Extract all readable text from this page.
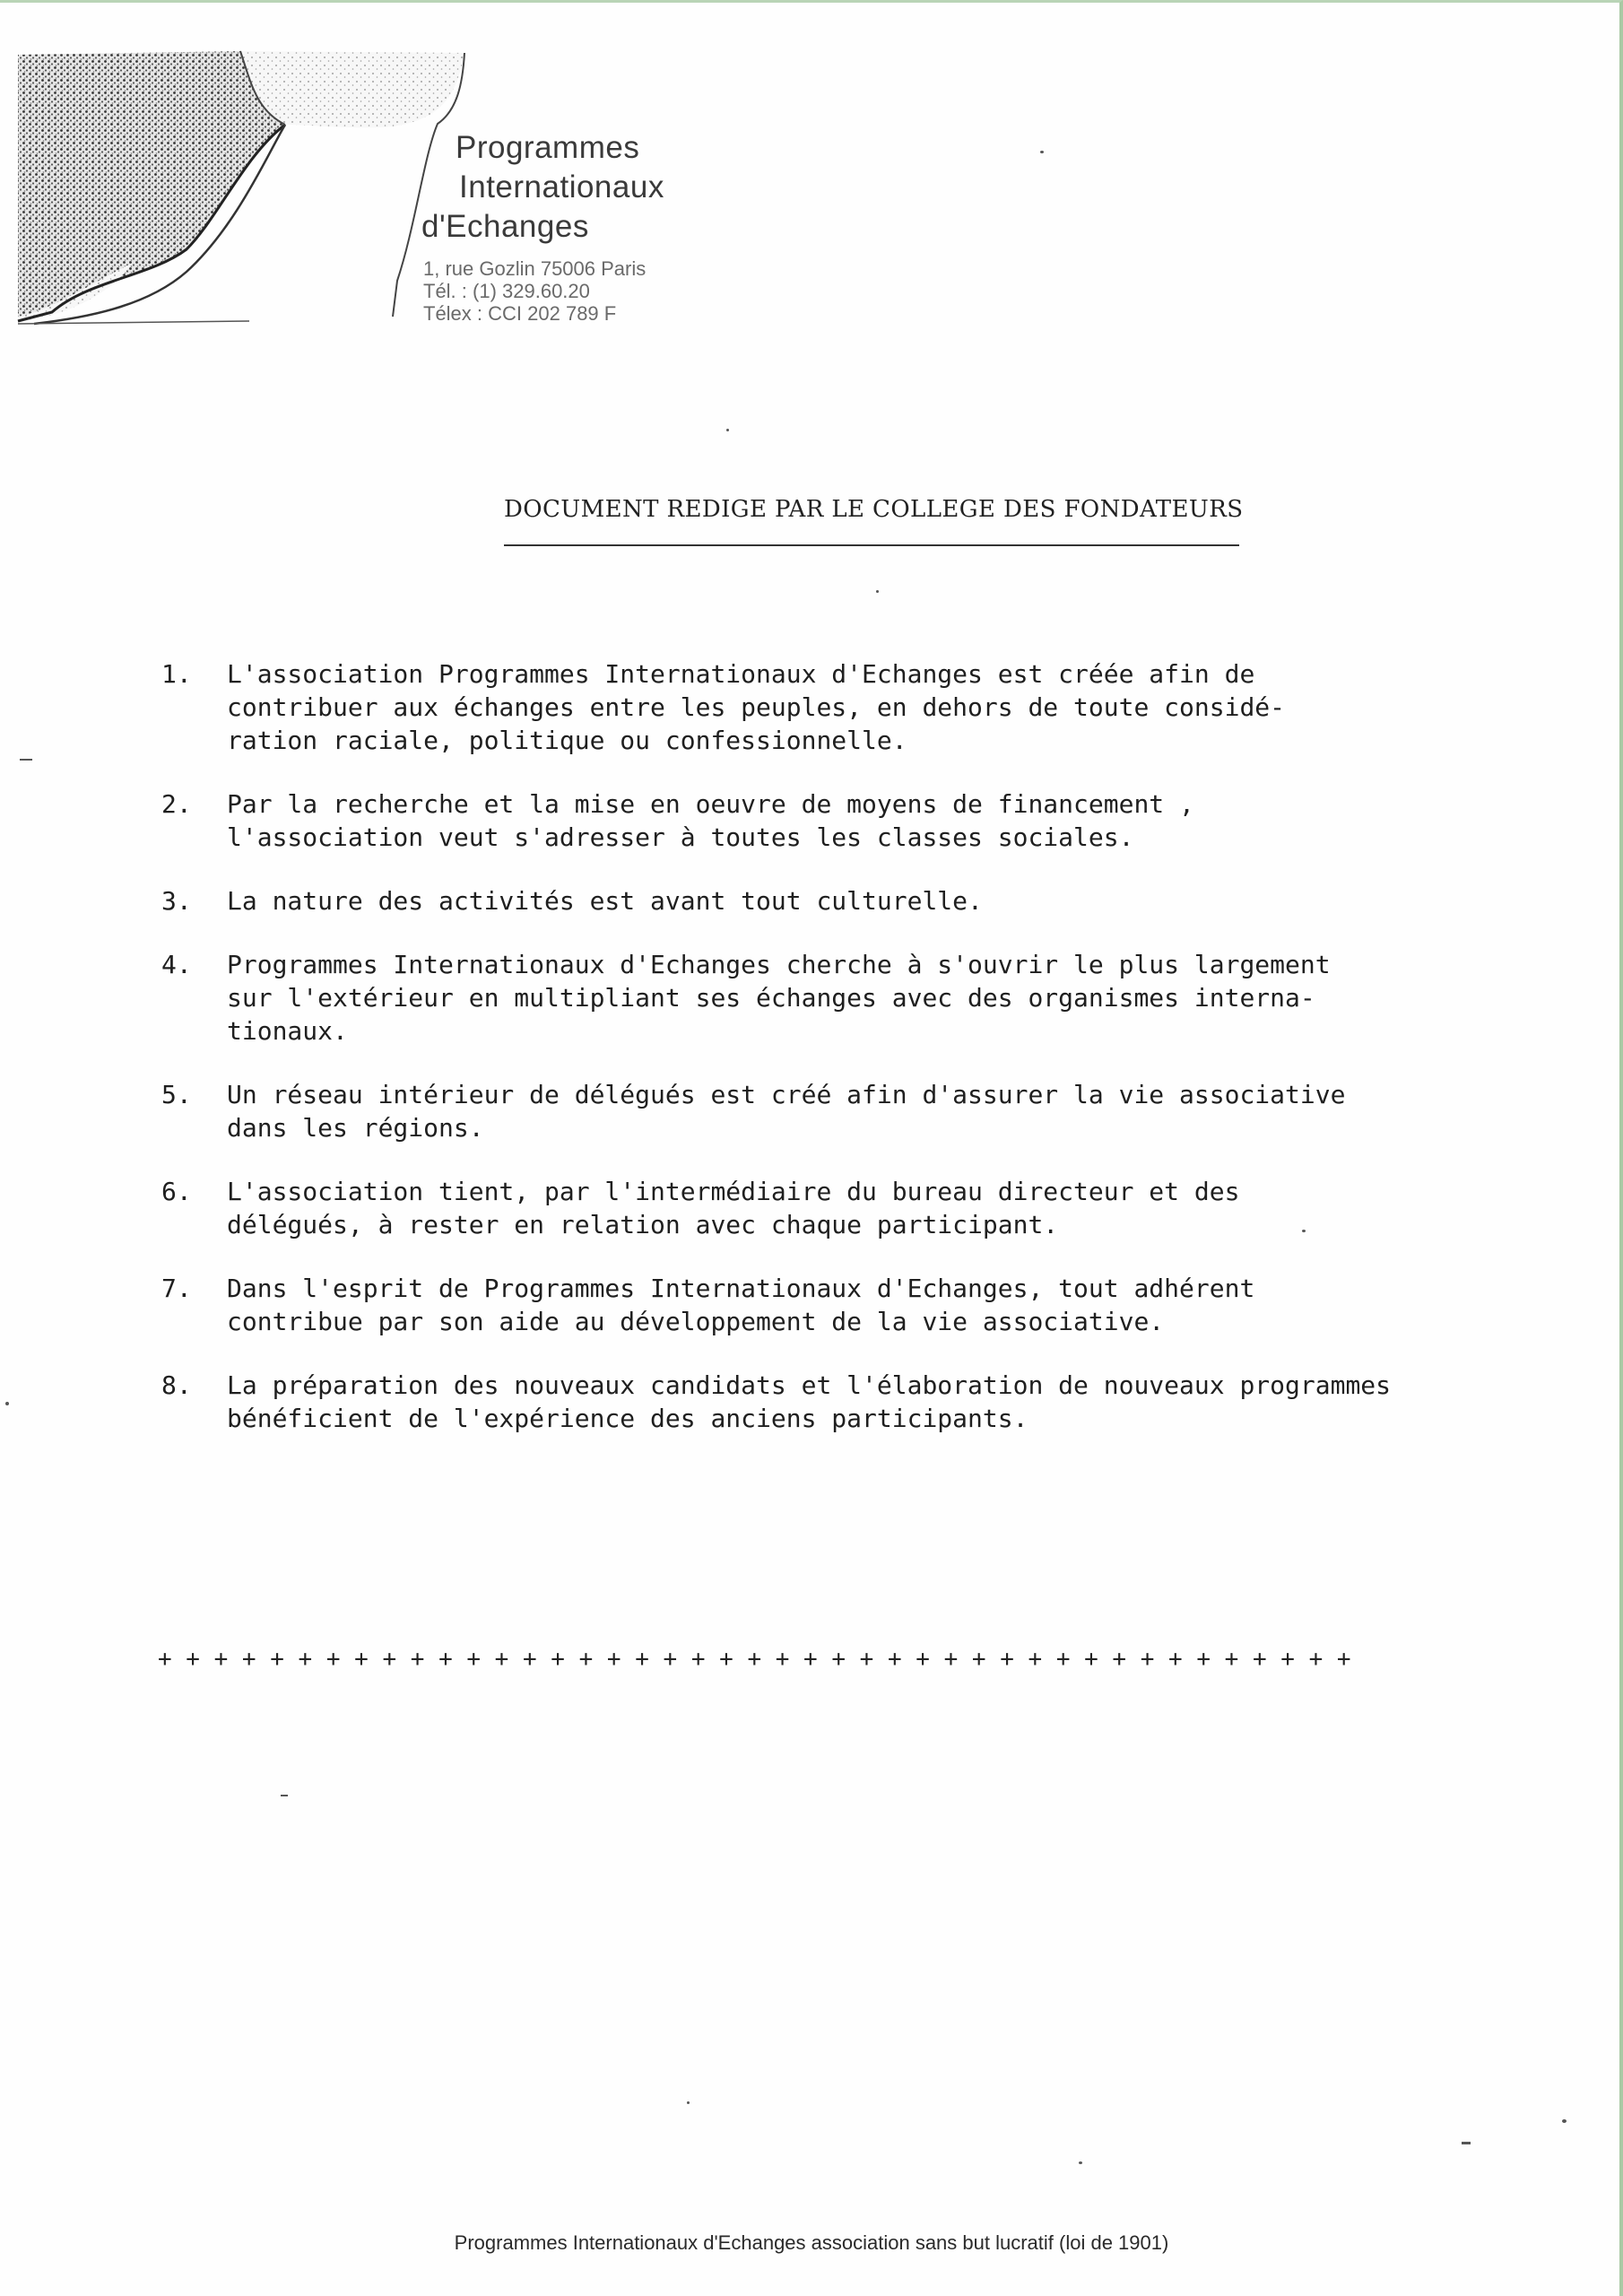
Programmes
Internationaux
d'Echanges
1, rue Gozlin 75006 Paris
Tél. : (1) 329.60.20
Télex : CCI 202 789 F
DOCUMENT REDIGE PAR LE COLLEGE DES FONDATEURS
1. L'association Programmes Internationaux d'Echanges est créée afin de
contribuer aux échanges entre les peuples, en dehors de toute considé-
ration raciale, politique ou confessionnelle.
2. Par la recherche et la mise en oeuvre de moyens de financement ,
l'association veut s'adresser à toutes les classes sociales.
3. La nature des activités est avant tout culturelle.
4. Programmes Internationaux d'Echanges cherche à s'ouvrir le plus largement
sur l'extérieur en multipliant ses échanges avec des organismes interna-
tionaux.
5. Un réseau intérieur de délégués est créé afin d'assurer la vie associative
dans les régions.
6. L'association tient, par l'intermédiaire du bureau directeur et des
délégués, à rester en relation avec chaque participant.
7. Dans l'esprit de Programmes Internationaux d'Echanges, tout adhérent
contribue par son aide au développement de la vie associative.
8. La préparation des nouveaux candidats et l'élaboration de nouveaux programmes
bénéficient de l'expérience des anciens participants.
+ + + + + + + + + + + + + + + + + + + + + + + + + + + + + + + + + + + + + + + + + + +
Programmes Internationaux d'Echanges association sans but lucratif (loi de 1901)
